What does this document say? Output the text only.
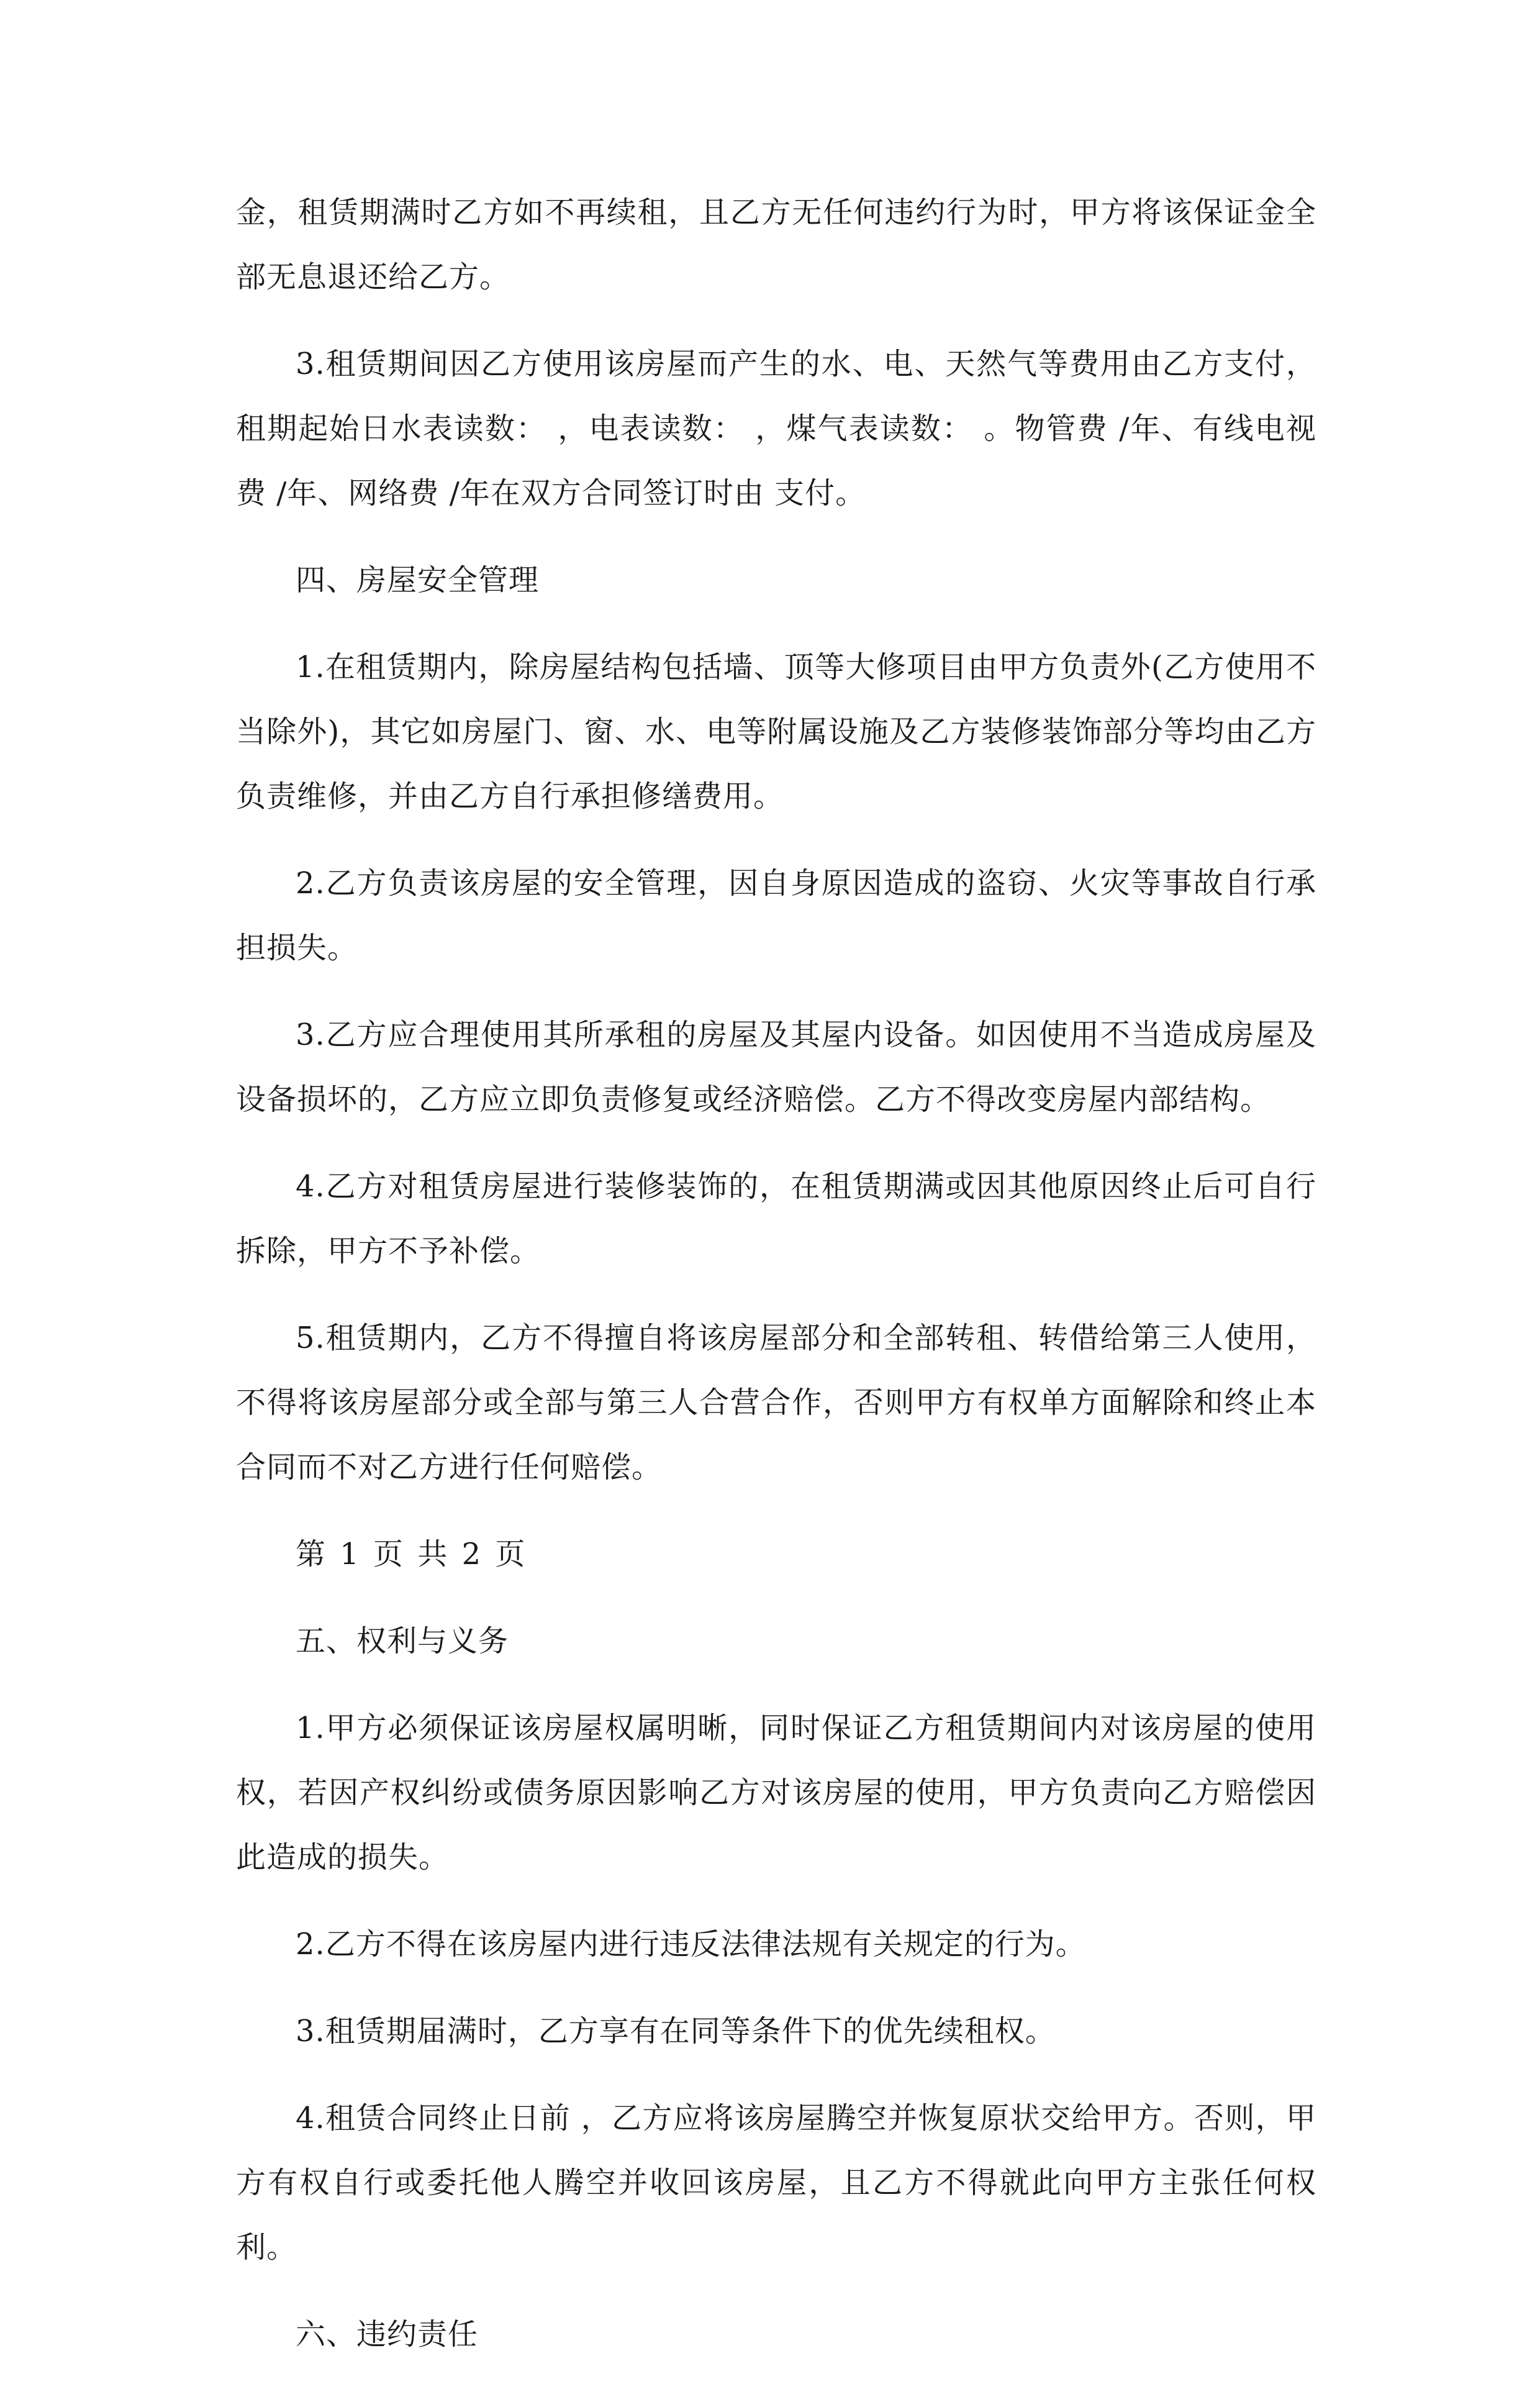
金，租赁期满时乙方如不再续租，且乙方无任何违约行为时，甲方将该保证金全部无息退还给乙方。

3.租赁期间因乙方使用该房屋而产生的水、电、天然气等费用由乙方支付，租期起始日水表读数： ，电表读数： ，煤气表读数： 。物管费 /年、有线电视费 /年、网络费 /年在双方合同签订时由 支付。

四、房屋安全管理

1.在租赁期内，除房屋结构包括墙、顶等大修项目由甲方负责外(乙方使用不当除外)，其它如房屋门、窗、水、电等附属设施及乙方装修装饰部分等均由乙方负责维修，并由乙方自行承担修缮费用。

2.乙方负责该房屋的安全管理，因自身原因造成的盗窃、火灾等事故自行承担损失。

3.乙方应合理使用其所承租的房屋及其屋内设备。如因使用不当造成房屋及设备损坏的，乙方应立即负责修复或经济赔偿。乙方不得改变房屋内部结构。

4.乙方对租赁房屋进行装修装饰的，在租赁期满或因其他原因终止后可自行拆除，甲方不予补偿。

5.租赁期内，乙方不得擅自将该房屋部分和全部转租、转借给第三人使用，不得将该房屋部分或全部与第三人合营合作，否则甲方有权单方面解除和终止本合同而不对乙方进行任何赔偿。

第 1 页 共 2 页

五、权利与义务

1.甲方必须保证该房屋权属明晰，同时保证乙方租赁期间内对该房屋的使用权，若因产权纠纷或债务原因影响乙方对该房屋的使用，甲方负责向乙方赔偿因此造成的损失。

2.乙方不得在该房屋内进行违反法律法规有关规定的行为。

3.租赁期届满时，乙方享有在同等条件下的优先续租权。

4.租赁合同终止日前 ，乙方应将该房屋腾空并恢复原状交给甲方。否则，甲方有权自行或委托他人腾空并收回该房屋，且乙方不得就此向甲方主张任何权利。

六、违约责任
